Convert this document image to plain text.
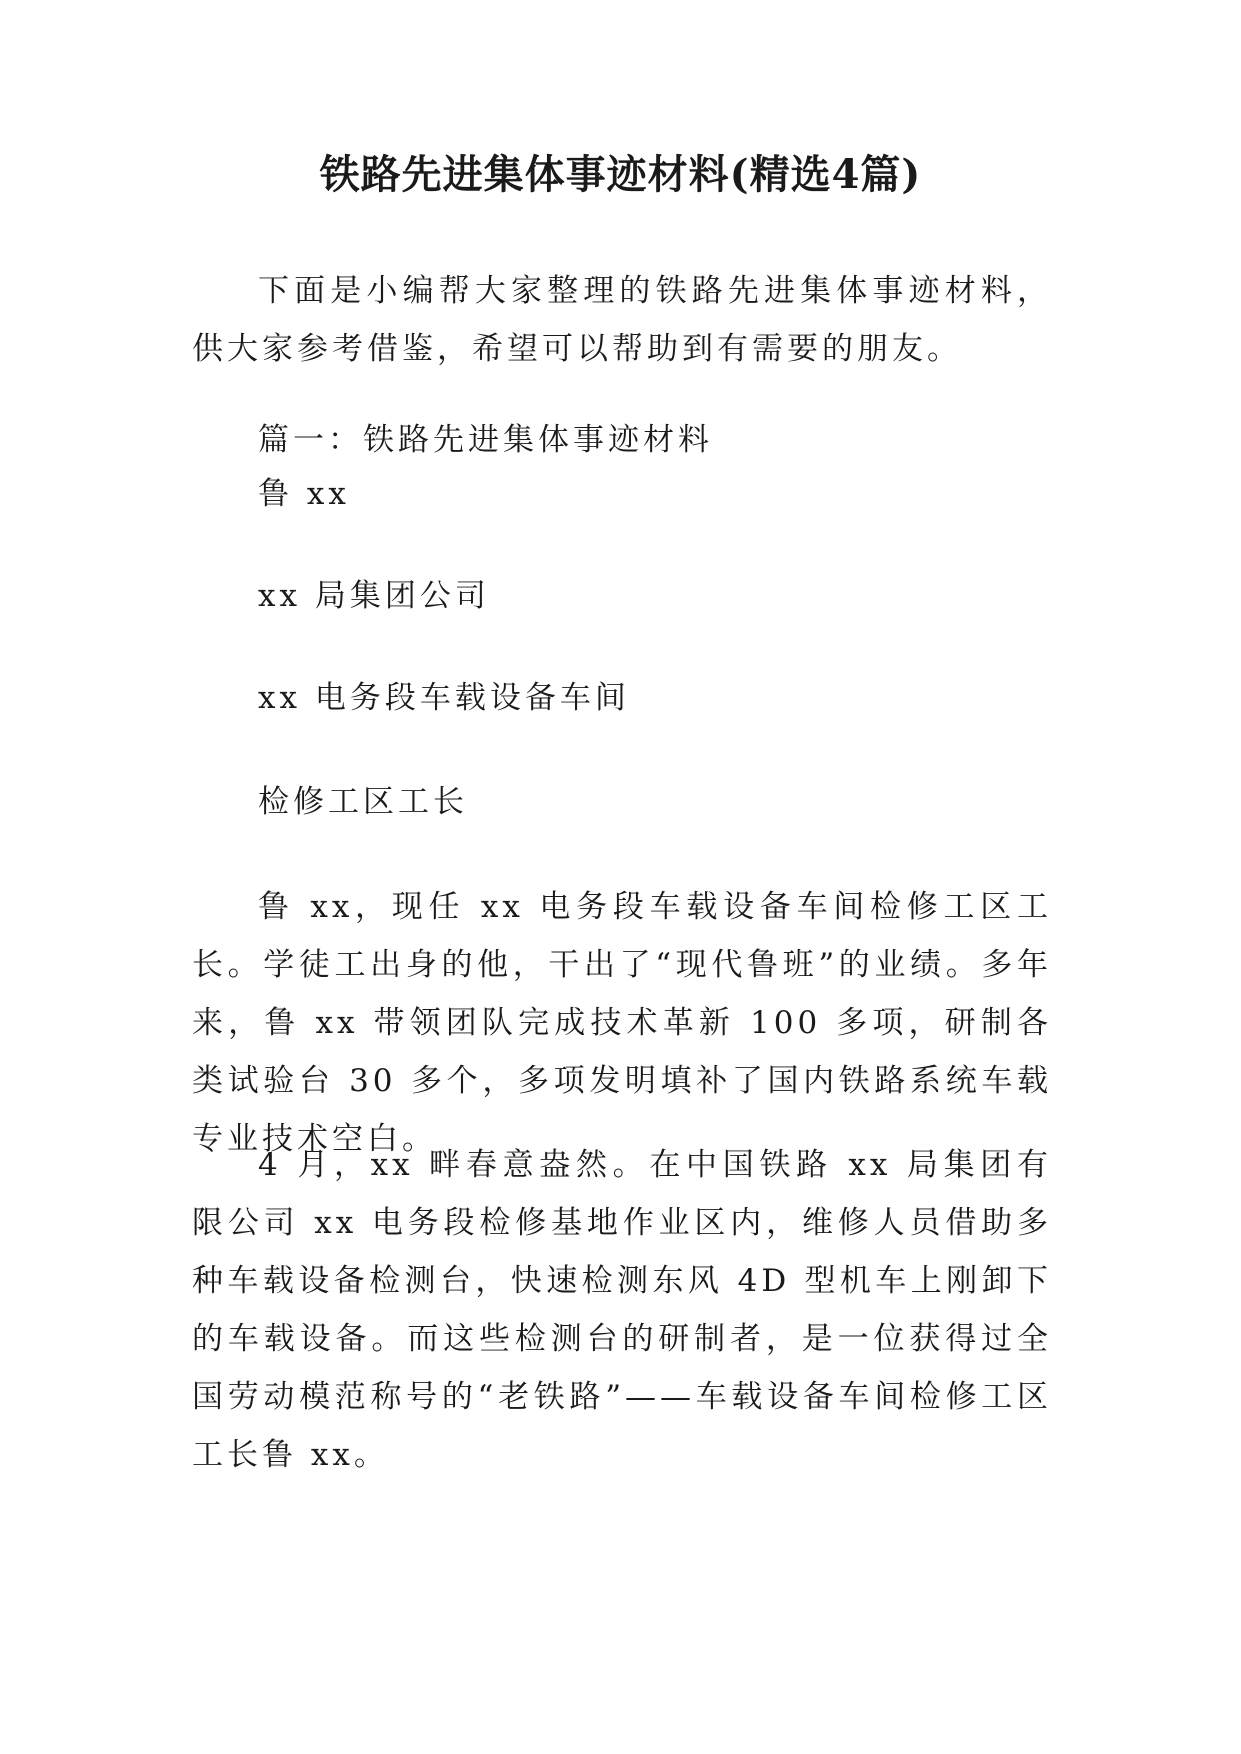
铁路先进集体事迹材料(精选4篇)

下面是小编帮大家整理的铁路先进集体事迹材料，供大家参考借鉴，希望可以帮助到有需要的朋友。

篇一：铁路先进集体事迹材料

鲁 xx

xx 局集团公司

xx 电务段车载设备车间

检修工区工长

鲁 xx，现任 xx 电务段车载设备车间检修工区工长。学徒工出身的他，干出了“现代鲁班”的业绩。多年来，鲁 xx 带领团队完成技术革新 100 多项，研制各类试验台 30 多个，多项发明填补了国内铁路系统车载专业技术空白。

4 月，xx 畔春意盎然。在中国铁路 xx 局集团有限公司 xx 电务段检修基地作业区内，维修人员借助多种车载设备检测台，快速检测东风 4D 型机车上刚卸下的车载设备。而这些检测台的研制者，是一位获得过全国劳动模范称号的“老铁路”——车载设备车间检修工区工长鲁 xx。
